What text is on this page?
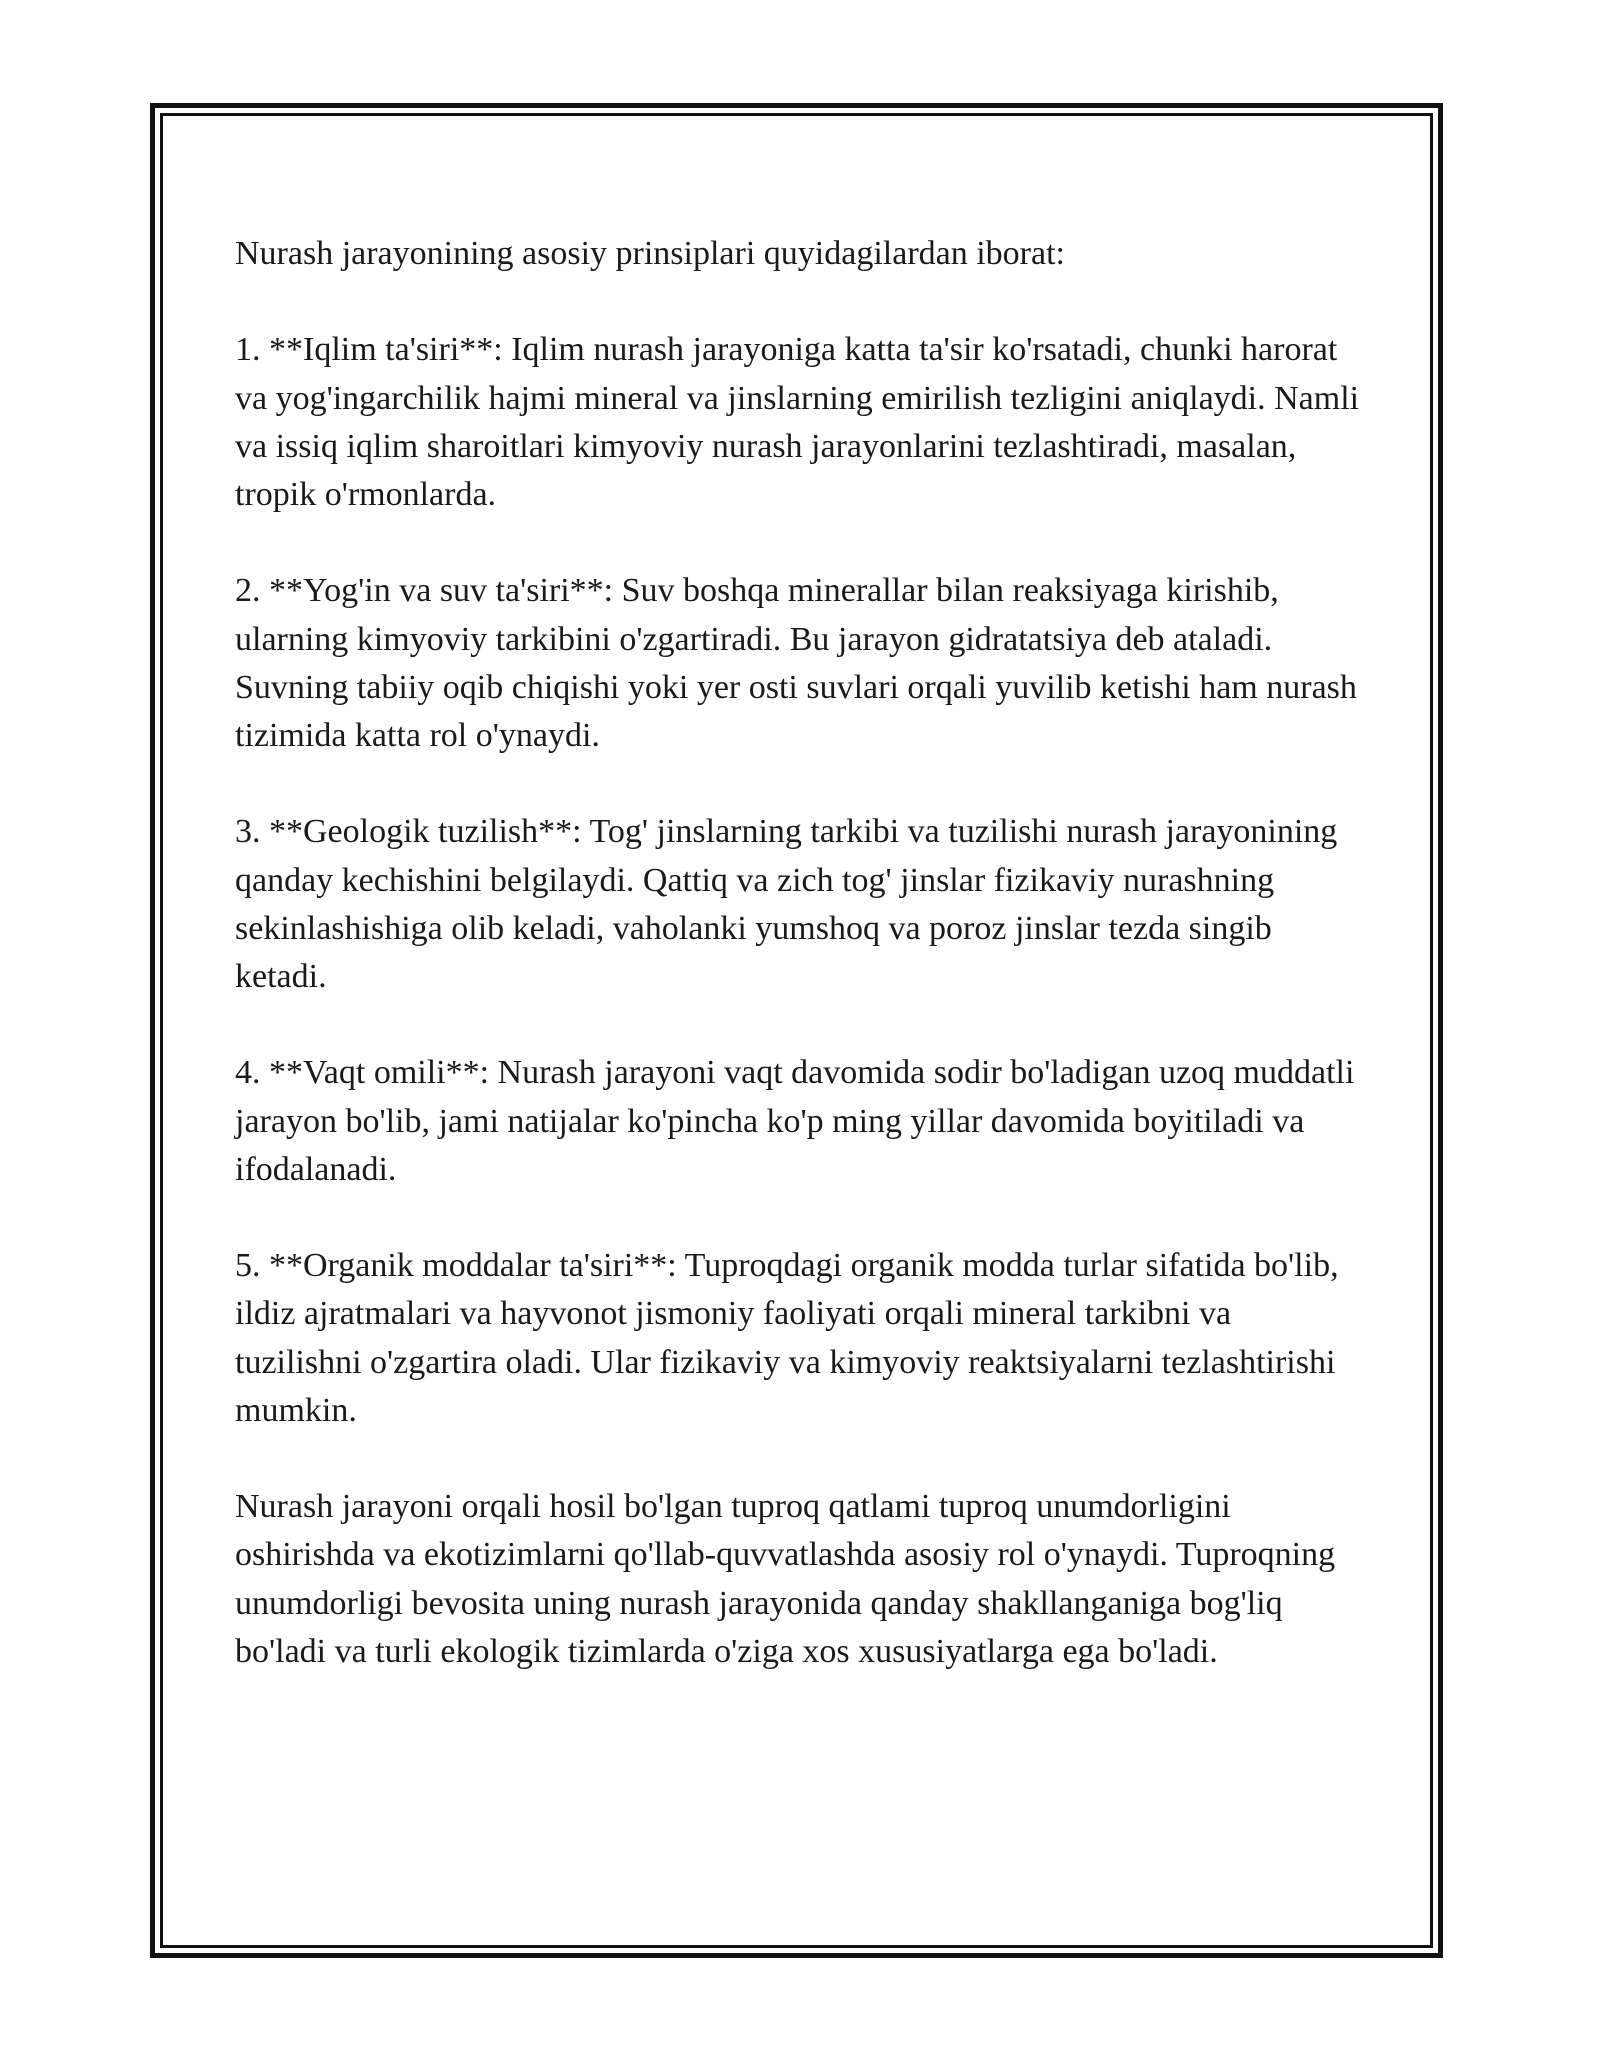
Nurash jarayonining asosiy prinsiplari quyidagilardan iborat:

1. **Iqlim ta'siri**: Iqlim nurash jarayoniga katta ta'sir ko'rsatadi, chunki harorat va yog'ingarchilik hajmi mineral va jinslarning emirilish tezligini aniqlaydi. Namli va issiq iqlim sharoitlari kimyoviy nurash jarayonlarini tezlashtiradi, masalan, tropik o'rmonlarda.

2. **Yog'in va suv ta'siri**: Suv boshqa minerallar bilan reaksiyaga kirishib, ularning kimyoviy tarkibini o'zgartiradi. Bu jarayon gidratatsiya deb ataladi. Suvning tabiiy oqib chiqishi yoki yer osti suvlari orqali yuvilib ketishi ham nurash tizimida katta rol o'ynaydi.

3. **Geologik tuzilish**: Tog' jinslarning tarkibi va tuzilishi nurash jarayonining qanday kechishini belgilaydi. Qattiq va zich tog' jinslar fizikaviy nurashning sekinlashishiga olib keladi, vaholanki yumshoq va poroz jinslar tezda singib ketadi.

4. **Vaqt omili**: Nurash jarayoni vaqt davomida sodir bo'ladigan uzoq muddatli jarayon bo'lib, jami natijalar ko'pincha ko'p ming yillar davomida boyitiladi va ifodalanadi.

5. **Organik moddalar ta'siri**: Tuproqdagi organik modda turlar sifatida bo'lib, ildiz ajratmalari va hayvonot jismoniy faoliyati orqali mineral tarkibni va tuzilishni o'zgartira oladi. Ular fizikaviy va kimyoviy reaktsiyalarni tezlashtirishi mumkin.

Nurash jarayoni orqali hosil bo'lgan tuproq qatlami tuproq unumdorligini oshirishda va ekotizimlarni qo'llab-quvvatlashda asosiy rol o'ynaydi. Tuproqning unumdorligi bevosita uning nurash jarayonida qanday shakllanganiga bog'liq bo'ladi va turli ekologik tizimlarda o'ziga xos xususiyatlarga ega bo'ladi.
